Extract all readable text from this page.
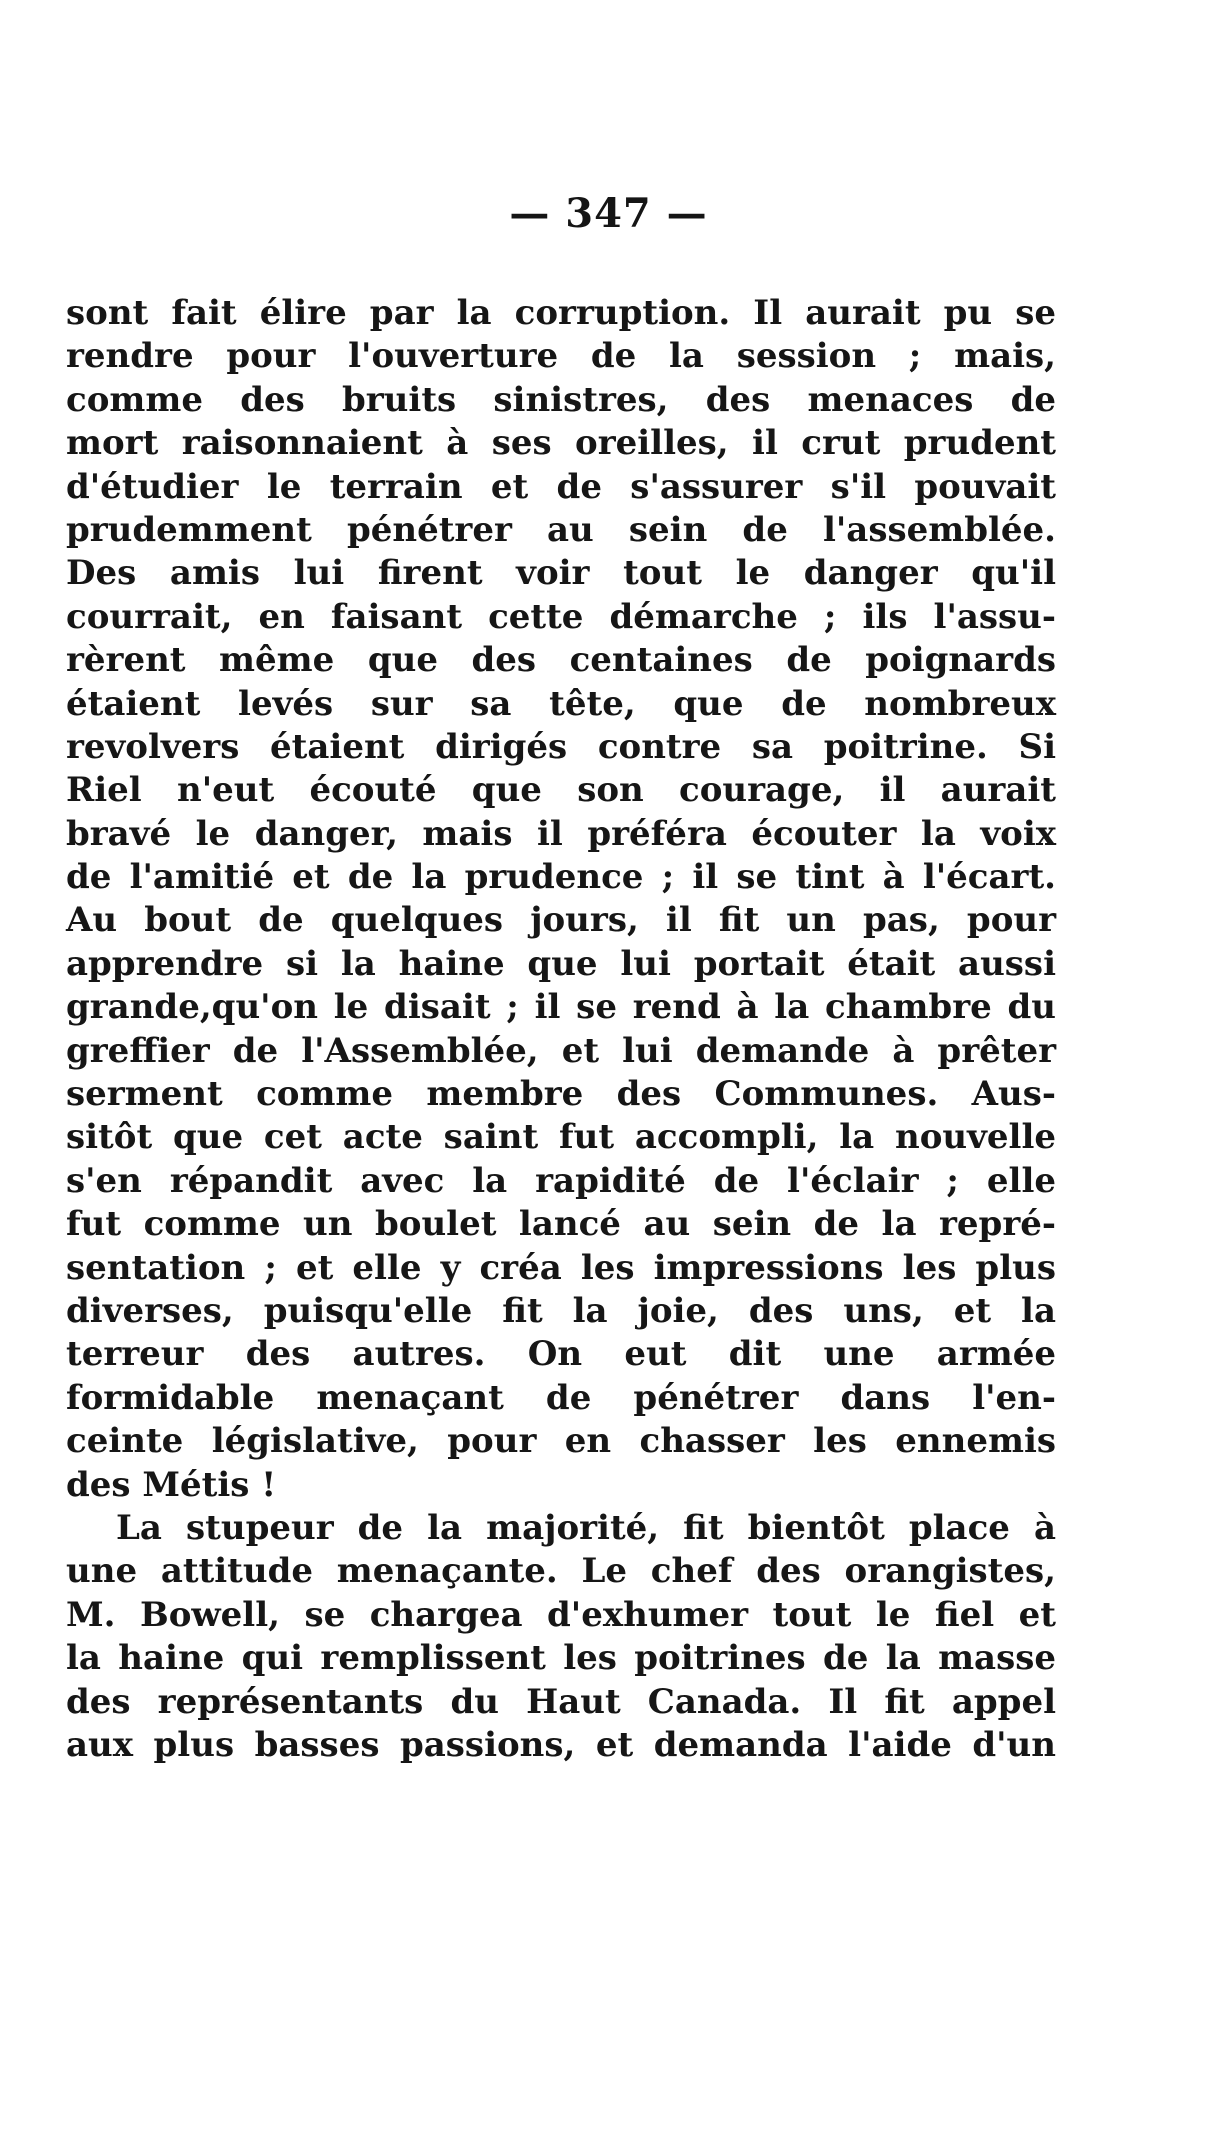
— 347 —
sont fait élire par la corruption. Il aurait pu se
rendre pour l'ouverture de la session ; mais,
comme des bruits sinistres, des menaces de
mort raisonnaient à ses oreilles, il crut prudent
d'étudier le terrain et de s'assurer s'il pouvait
prudemment pénétrer au sein de l'assemblée.
Des amis lui firent voir tout le danger qu'il
courrait, en faisant cette démarche ; ils l'assu-
rèrent même que des centaines de poignards
étaient levés sur sa tête, que de nombreux
revolvers étaient dirigés contre sa poitrine. Si
Riel n'eut écouté que son courage, il aurait
bravé le danger, mais il préféra écouter la voix
de l'amitié et de la prudence ; il se tint à l'écart.
Au bout de quelques jours, il fit un pas, pour
apprendre si la haine que lui portait était aussi
grande,qu'on le disait ; il se rend à la chambre du
greffier de l'Assemblée, et lui demande à prêter
serment comme membre des Communes. Aus-
sitôt que cet acte saint fut accompli, la nouvelle
s'en répandit avec la rapidité de l'éclair ; elle
fut comme un boulet lancé au sein de la repré-
sentation ; et elle y créa les impressions les plus
diverses, puisqu'elle fit la joie, des uns, et la
terreur des autres. On eut dit une armée
formidable menaçant de pénétrer dans l'en-
ceinte législative, pour en chasser les ennemis
des Métis !
La stupeur de la majorité, fit bientôt place à
une attitude menaçante. Le chef des orangistes,
M. Bowell, se chargea d'exhumer tout le fiel et
la haine qui remplissent les poitrines de la masse
des représentants du Haut Canada. Il fit appel
aux plus basses passions, et demanda l'aide d'un
